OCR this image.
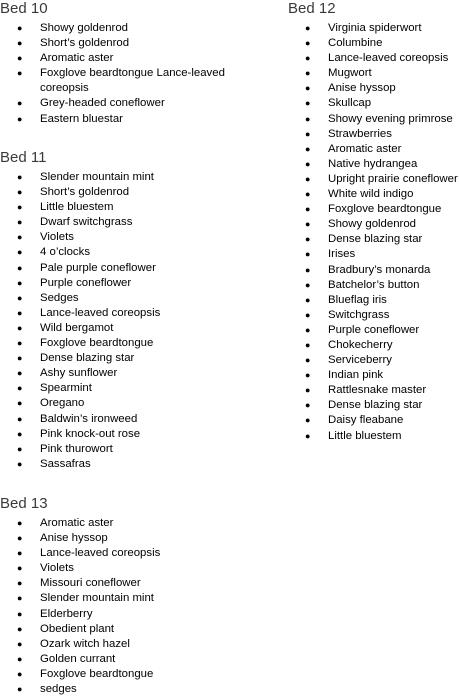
Bed 10
● Showy goldenrod
● Short’s goldenrod
● Aromatic aster
● Foxglove beardtongue Lance-leaved
coreopsis
● Grey-headed coneflower
● Eastern bluestar
Bed 11
● Slender mountain mint
● Short’s goldenrod
● Little bluestem
● Dwarf switchgrass
● Violets
● 4 o’clocks
● Pale purple coneflower
● Purple coneflower
● Sedges
● Lance-leaved coreopsis
● Wild bergamot
● Foxglove beardtongue
● Dense blazing star
● Ashy sunflower
● Spearmint
● Oregano
● Baldwin’s ironweed
● Pink knock-out rose
● Pink thurowort
● Sassafras
Bed 12
● Virginia spiderwort
● Columbine
● Lance-leaved coreopsis
● Mugwort
● Anise hyssop
● Skullcap
● Showy evening primrose
● Strawberries
● Aromatic aster
● Native hydrangea
● Upright prairie coneflower
● White wild indigo
● Foxglove beardtongue
● Showy goldenrod
● Dense blazing star
● Irises
● Bradbury’s monarda
● Batchelor’s button
● Blueflag iris
● Switchgrass
● Purple coneflower
● Chokecherry
● Serviceberry
● Indian pink
● Rattlesnake master
● Dense blazing star
● Daisy fleabane
● Little bluestem
Bed 13
● Aromatic aster
● Anise hyssop
● Lance-leaved coreopsis
● Violets
● Missouri coneflower
● Slender mountain mint
● Elderberry
● Obedient plant
● Ozark witch hazel
● Golden currant
● Foxglove beardtongue
● sedges
